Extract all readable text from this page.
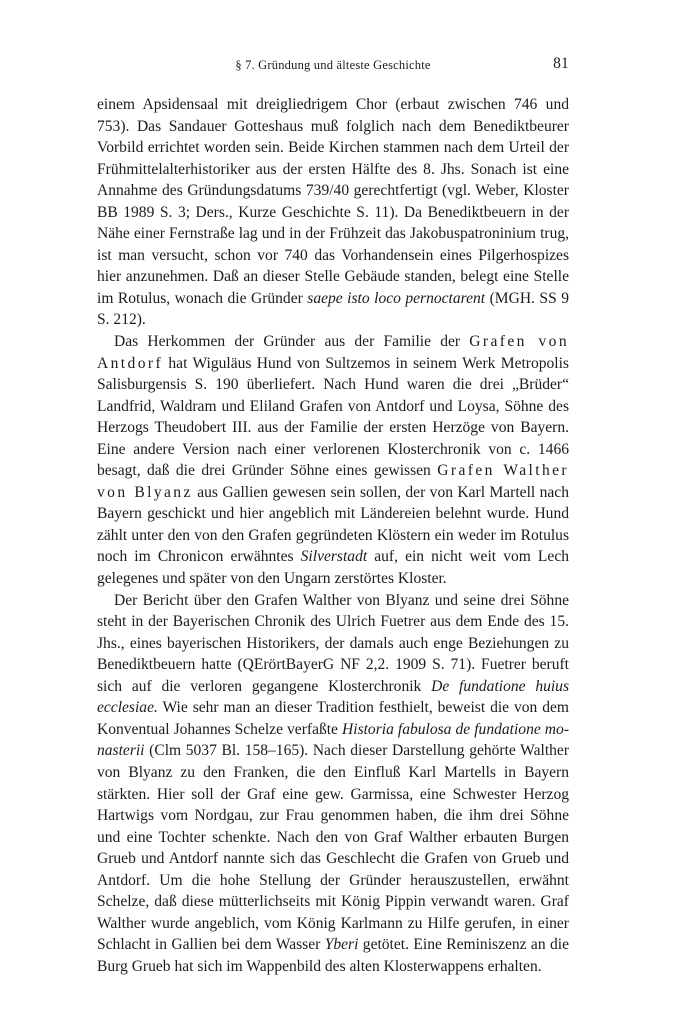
§ 7. Gründung und älteste Geschichte	81

einem Apsidensaal mit dreigliedrigem Chor (erbaut zwischen 746 und 753). Das Sandauer Gotteshaus muß folglich nach dem Benediktbeurer Vorbild errichtet worden sein. Beide Kirchen stammen nach dem Urteil der Frühmittelalterhistoriker aus der ersten Hälfte des 8. Jhs. Sonach ist eine Annahme des Gründungsdatums 739/40 gerechtfertigt (vgl. Weber, Kloster BB 1989 S. 3; Ders., Kurze Geschichte S. 11). Da Benediktbeuern in der Nähe einer Fernstraße lag und in der Frühzeit das Jakobuspatroninium trug, ist man versucht, schon vor 740 das Vorhandensein eines Pilgerhospizes hier anzunehmen. Daß an dieser Stelle Gebäude standen, belegt eine Stelle im Rotulus, wonach die Gründer saepe isto loco pernoctarent (MGH. SS 9 S. 212).

Das Herkommen der Gründer aus der Familie der Grafen von Antdorf hat Wiguläus Hund von Sultzemos in seinem Werk Metropolis Salisburgensis S. 190 überliefert. Nach Hund waren die drei „Brüder“ Landfrid, Waldram und Eliland Grafen von Antdorf und Loysa, Söhne des Herzogs Theudobert III. aus der Familie der ersten Herzöge von Bayern. Eine andere Version nach einer verlorenen Klosterchronik von c. 1466 besagt, daß die drei Gründer Söhne eines gewissen Grafen Walther von Blyanz aus Gallien gewesen sein sollen, der von Karl Martell nach Bayern geschickt und hier angeblich mit Ländereien belehnt wurde. Hund zählt unter den von den Grafen gegründeten Klöstern ein weder im Rotulus noch im Chronicon erwähntes Silverstadt auf, ein nicht weit vom Lech gelegenes und später von den Ungarn zerstörtes Kloster.

Der Bericht über den Grafen Walther von Blyanz und seine drei Söhne steht in der Bayerischen Chronik des Ulrich Fuetrer aus dem Ende des 15. Jhs., eines bayerischen Historikers, der damals auch enge Beziehungen zu Benediktbeuern hatte (QErörtBayerG NF 2,2. 1909 S. 71). Fuetrer beruft sich auf die verloren gegangene Klosterchronik De fundatione huius ecclesiae. Wie sehr man an dieser Tradition festhielt, beweist die von dem Konventual Johannes Schelze verfaßte Historia fabulosa de fundatione monasterii (Clm 5037 Bl. 158–165). Nach dieser Darstellung gehörte Walther von Blyanz zu den Franken, die den Einfluß Karl Martells in Bayern stärkten. Hier soll der Graf eine gew. Garmissa, eine Schwester Herzog Hartwigs vom Nordgau, zur Frau genommen haben, die ihm drei Söhne und eine Tochter schenkte. Nach den von Graf Walther erbauten Burgen Grueb und Antdorf nannte sich das Geschlecht die Grafen von Grueb und Antdorf. Um die hohe Stellung der Gründer herauszustellen, erwähnt Schelze, daß diese mütterlichseits mit König Pippin verwandt waren. Graf Walther wurde angeblich, vom König Karlmann zu Hilfe gerufen, in einer Schlacht in Gallien bei dem Wasser Yberi getötet. Eine Reminiszenz an die Burg Grueb hat sich im Wappenbild des alten Klosterwappens erhalten.
